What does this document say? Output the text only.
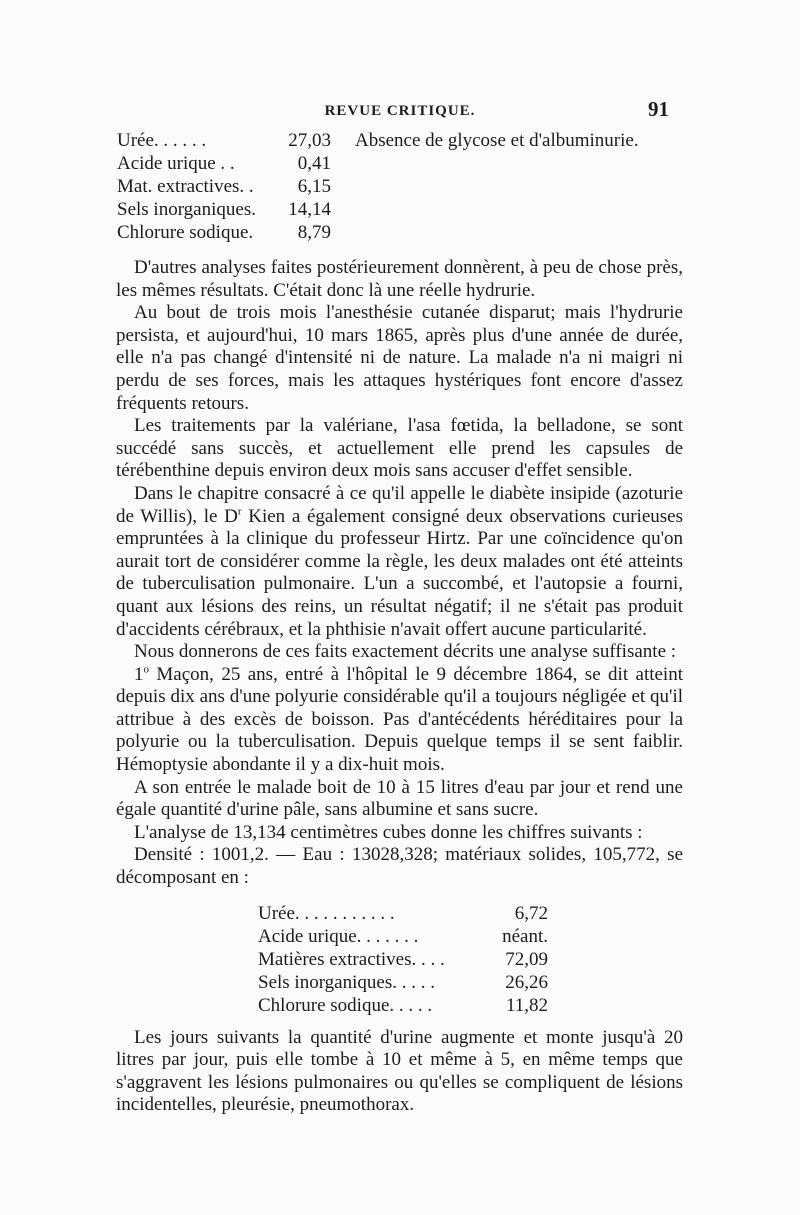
REVUE CRITIQUE.	91
Urée. . . . . .	27,03
Acide urique . .	0,41
Mat. extractives. .	6,15
Sels inorganiques.	14,14
Chlorure sodique.	8,79
Absence de glycose et d'albuminurie.

D'autres analyses faites postérieurement donnèrent, à peu de chose près, les mêmes résultats. C'était donc là une réelle hydrurie.

Au bout de trois mois l'anesthésie cutanée disparut; mais l'hydrurie persista, et aujourd'hui, 10 mars 1865, après plus d'une année de durée, elle n'a pas changé d'intensité ni de nature. La malade n'a ni maigri ni perdu de ses forces, mais les attaques hystériques font encore d'assez fréquents retours.

Les traitements par la valériane, l'asa fœtida, la belladone, se sont succédé sans succès, et actuellement elle prend les capsules de térébenthine depuis environ deux mois sans accuser d'effet sensible.

Dans le chapitre consacré à ce qu'il appelle le diabète insipide (azoturie de Willis), le $D^r$ Kien a également consigné deux observations curieuses empruntées à la clinique du professeur Hirtz. Par une coïncidence qu'on aurait tort de considérer comme la règle, les deux malades ont été atteints de tuberculisation pulmonaire. L'un a succombé, et l'autopsie a fourni, quant aux lésions des reins, un résultat négatif; il ne s'était pas produit d'accidents cérébraux, et la phthisie n'avait offert aucune particularité.

Nous donnerons de ces faits exactement décrits une analyse suffisante :

1$^o$ Maçon, 25 ans, entré à l'hôpital le 9 décembre 1864, se dit atteint depuis dix ans d'une polyurie considérable qu'il a toujours négligée et qu'il attribue à des excès de boisson. Pas d'antécédents héréditaires pour la polyurie ou la tuberculisation. Depuis quelque temps il se sent faiblir. Hémoptysie abondante il y a dix-huit mois.

A son entrée le malade boit de 10 à 15 litres d'eau par jour et rend une égale quantité d'urine pâle, sans albumine et sans sucre.

L'analyse de 13,134 centimètres cubes donne les chiffres suivants :

Densité : 1001,2. — Eau : 13028,328; matériaux solides, 105,772, se décomposant en :

Urée. . . . . . . . . . .	6,72
Acide urique. . . . . . .	néant.
Matières extractives. . . .	72,09
Sels inorganiques. . . . .	26,26
Chlorure sodique. . . . .	11,82

Les jours suivants la quantité d'urine augmente et monte jusqu'à 20 litres par jour, puis elle tombe à 10 et même à 5, en même temps que s'aggravent les lésions pulmonaires ou qu'elles se compliquent de lésions incidentelles, pleurésie, pneumothorax.
